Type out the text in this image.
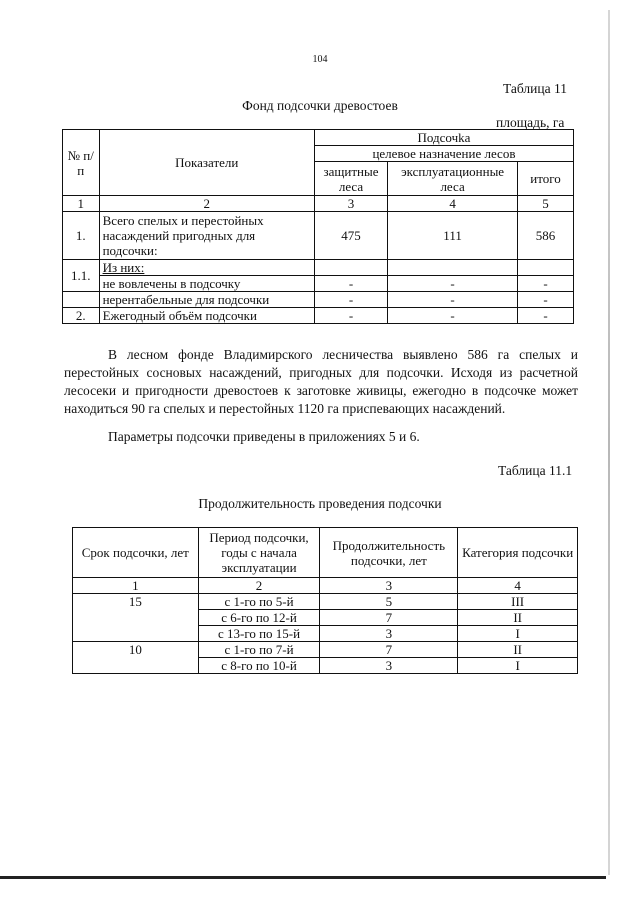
104
Таблица 11
Фонд подсочки древостоев
площадь, га
№ п/п	Показатели	Подсочka		
		целевое назначение лесов		
		защитные леса	эксплуатационные леса	итого
1	2	3	4	5
1.	Всего спелых и перестойных насаждений пригодных для подсочки:	475	111	586
1.1.	Из них:			
	не вовлечены в подсочку	-	-	-
	нерентабельные для подсочки	-	-	-
2.	Ежегодный объём подсочки	-	-	-
В лесном фонде Владимирского лесничества выявлено 586 га спелых и перестойных сосновых насаждений, пригодных для подсочки. Исходя из расчетной лесосеки и пригодности древостоев к заготовке живицы, ежегодно в подсочке может находиться 90 га спелых и перестойных 1120 га приспевающих насаждений.
Параметры подсочки приведены в приложениях 5 и 6.
Таблица 11.1
Продолжительность проведения подсочки
Срок подсочки, лет	Период подсочки, годы с начала эксплуатации	Продолжительность подсочки, лет	Категория подсочки
1	2	3	4
15	с 1-го по 5-й	5	III
	с 6-го по 12-й	7	II
	с 13-го по 15-й	3	I
10	с 1-го по 7-й	7	II
	с 8-го по 10-й	3	I
